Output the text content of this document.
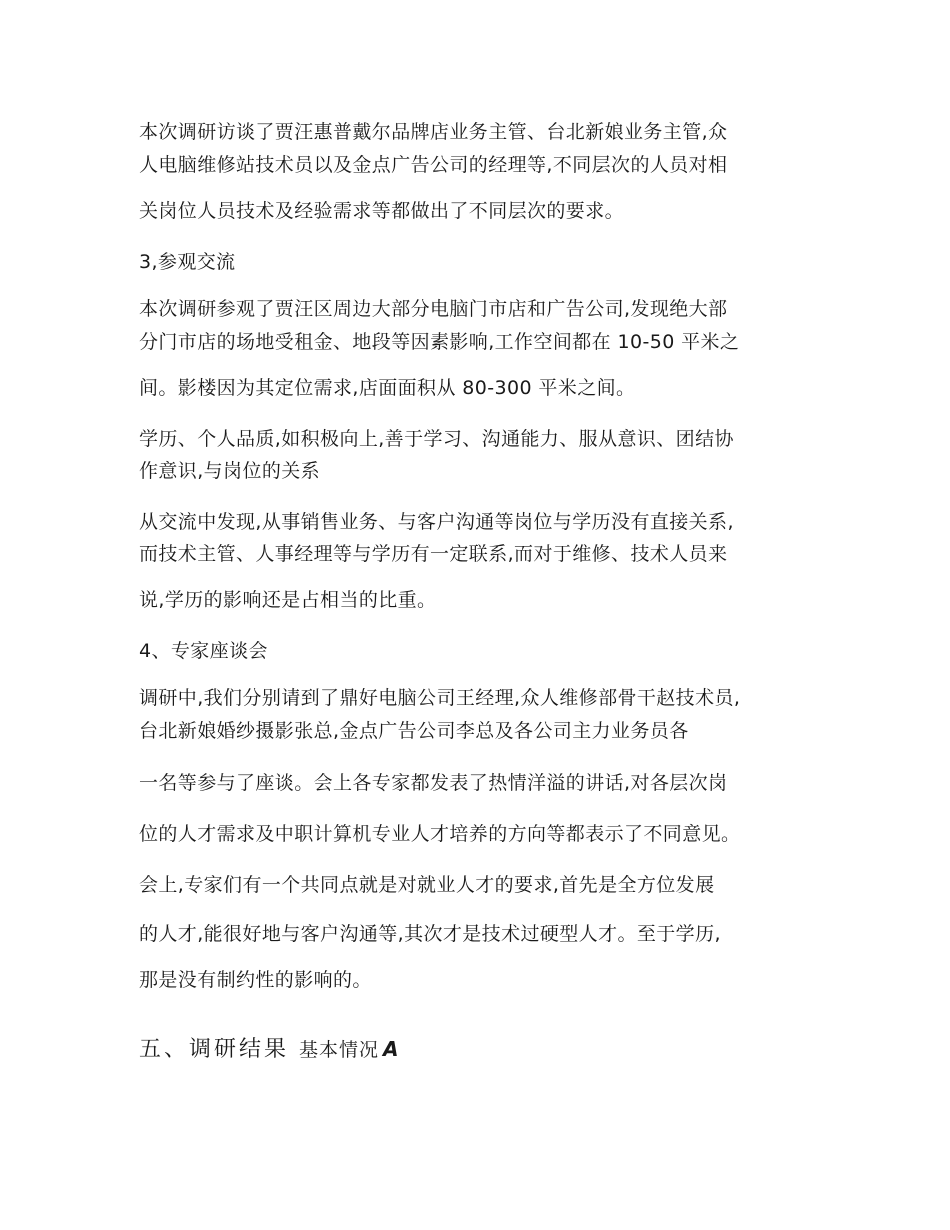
本次调研访谈了贾汪惠普戴尔品牌店业务主管、台北新娘业务主管,众
人电脑维修站技术员以及金点广告公司的经理等,不同层次的人员对相
关岗位人员技术及经验需求等都做出了不同层次的要求。
3,参观交流
本次调研参观了贾汪区周边大部分电脑门市店和广告公司,发现绝大部
分门市店的场地受租金、地段等因素影响,工作空间都在 10-50 平米之
间。影楼因为其定位需求,店面面积从 80-300 平米之间。
学历、个人品质,如积极向上,善于学习、沟通能力、服从意识、团结协
作意识,与岗位的关系
从交流中发现,从事销售业务、与客户沟通等岗位与学历没有直接关系,
而技术主管、人事经理等与学历有一定联系,而对于维修、技术人员来
说,学历的影响还是占相当的比重。
4、专家座谈会
调研中,我们分别请到了鼎好电脑公司王经理,众人维修部骨干赵技术员,
台北新娘婚纱摄影张总,金点广告公司李总及各公司主力业务员各
一名等参与了座谈。会上各专家都发表了热情洋溢的讲话,对各层次岗
位的人才需求及中职计算机专业人才培养的方向等都表示了不同意见。
会上,专家们有一个共同点就是对就业人才的要求,首先是全方位发展
的人才,能很好地与客户沟通等,其次才是技术过硬型人才。至于学历,
那是没有制约性的影响的。
五、调研结果 基本情况 A
